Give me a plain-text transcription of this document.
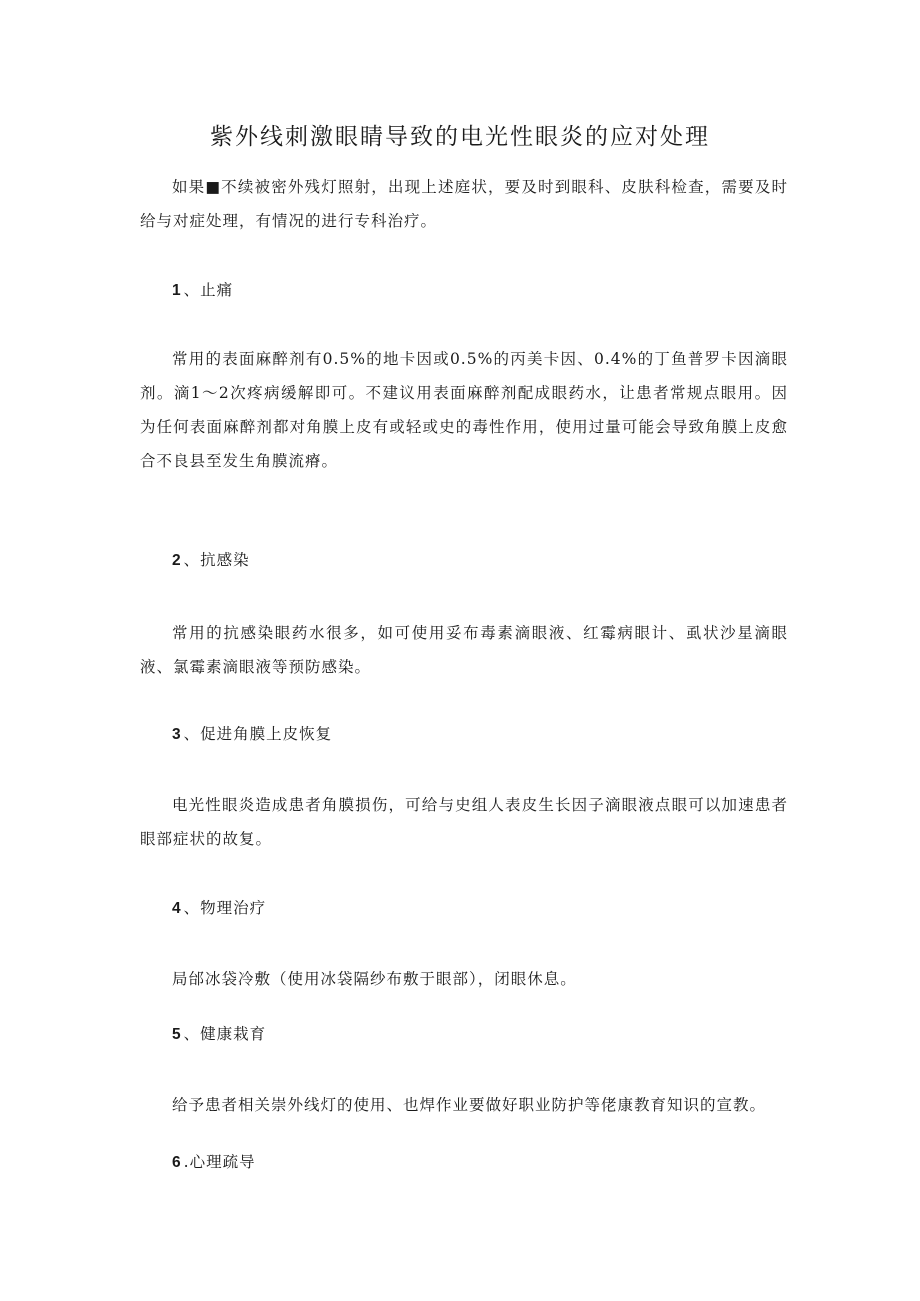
紫外线刺激眼睛导致的电光性眼炎的应对处理
如果■不续被密外残灯照射，出现上述庭状，要及时到眼科、皮肤科检查，需要及时给与对症处理，有情况的进行专科治疗。
1 、止痛
常用的表面麻醉剂有0.5%的地卡因或0.5%的丙美卡因、0.4%的丁鱼普罗卡因滴眼剂。滴1～2次疼病缓解即可。不建议用表面麻醉剂配成眼药水，让患者常规点眼用。因为任何表面麻醉剂都对角膜上皮有或轻或史的毒性作用，使用过量可能会导致角膜上皮愈合不良县至发生角膜流瘠。
2 、抗感染
常用的抗感染眼药水很多，如可使用妥布毒素滴眼液、红霉病眼计、虱状沙星滴眼液、氯霉素滴眼液等预防感染。
3 、促进角膜上皮恢复
电光性眼炎造成患者角膜损伤，可给与史组人表皮生长因子滴眼液点眼可以加速患者眼部症状的故复。
4 、物理治疗
局邰冰袋冷敷（使用冰袋隔纱布敷于眼部），闭眼休息。
5 、健康栽育
给予患者相关崇外线灯的使用、也焊作业要做好职业防护等佬康教育知识的宣教。
6 .心理疏导
